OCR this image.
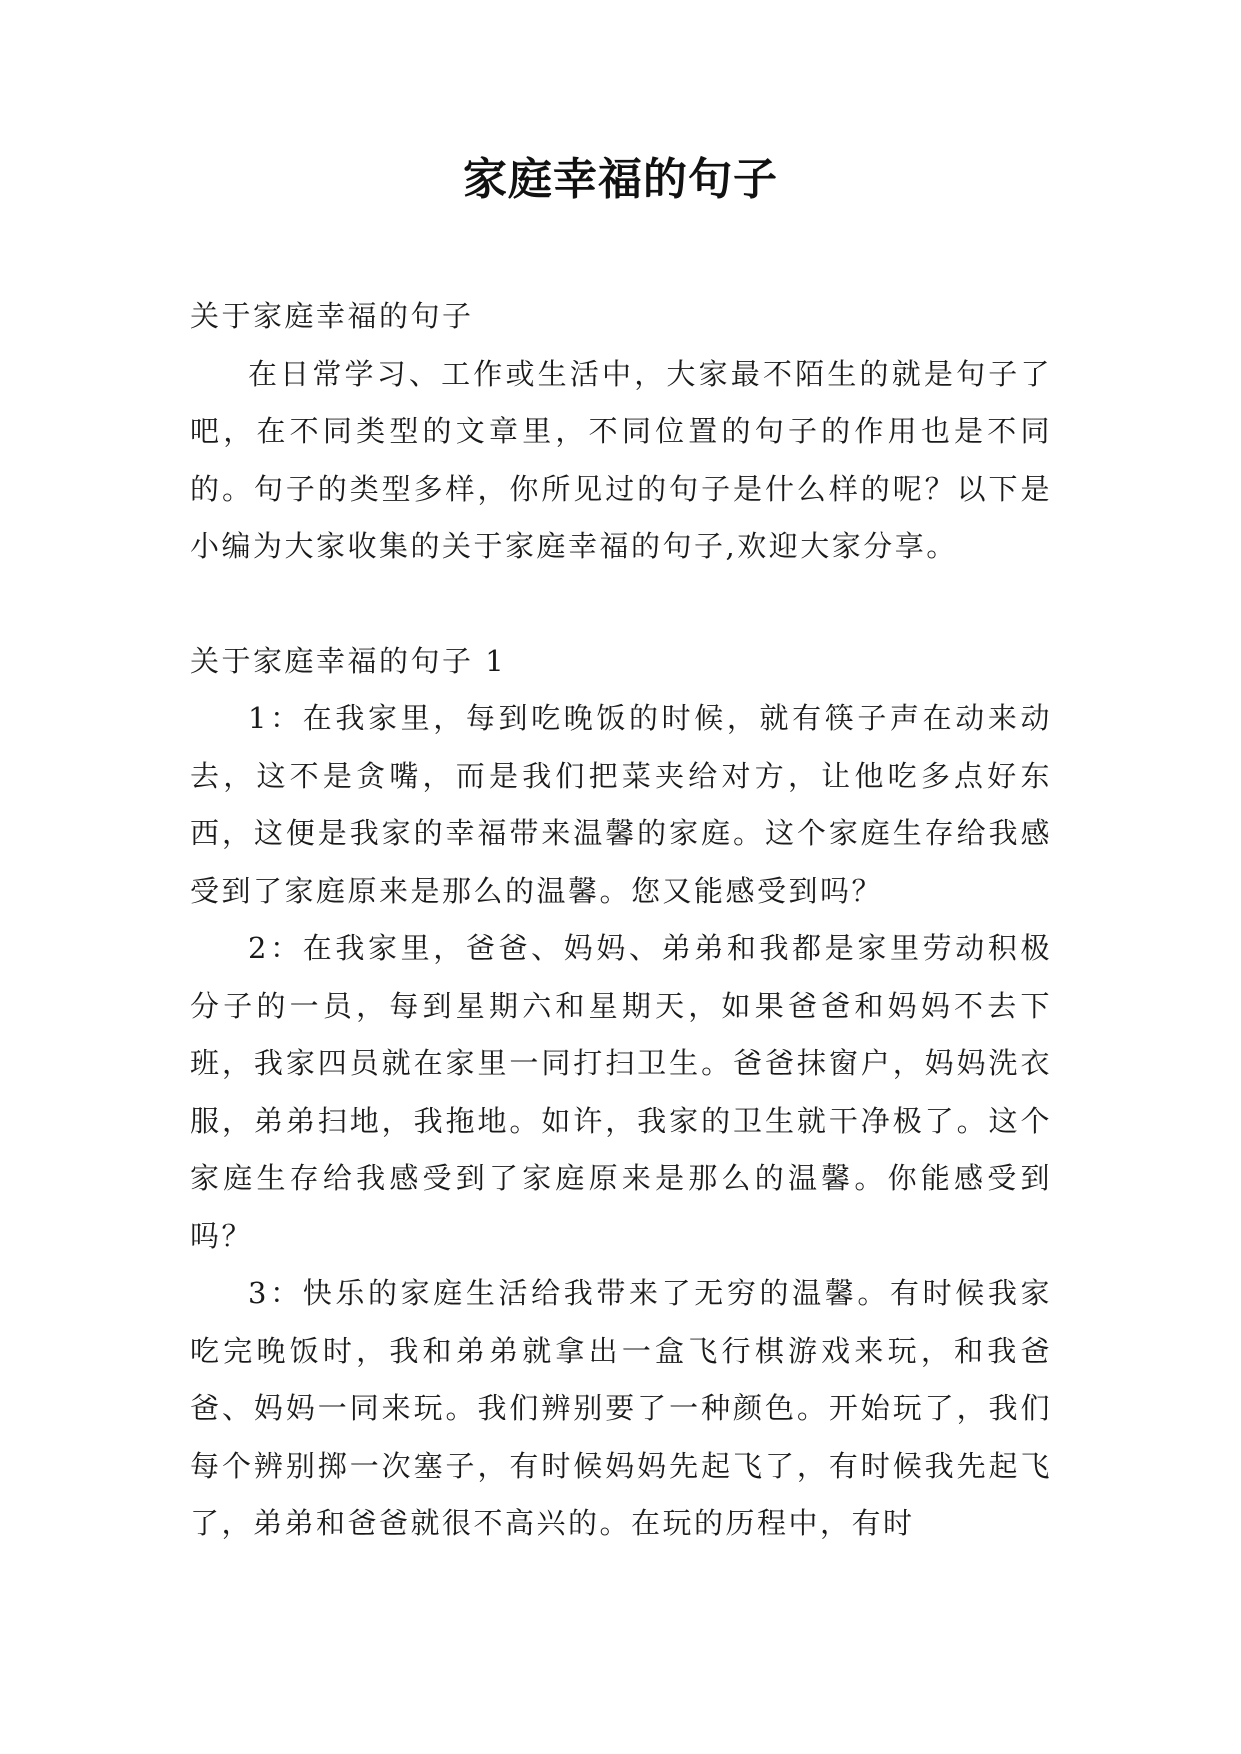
家庭幸福的句子

关于家庭幸福的句子

在日常学习、工作或生活中，大家最不陌生的就是句子了吧，在不同类型的文章里，不同位置的句子的作用也是不同的。句子的类型多样，你所见过的句子是什么样的呢？以下是小编为大家收集的关于家庭幸福的句子,欢迎大家分享。

关于家庭幸福的句子 1

1：在我家里，每到吃晚饭的时候，就有筷子声在动来动去，这不是贪嘴，而是我们把菜夹给对方，让他吃多点好东西，这便是我家的幸福带来温馨的家庭。这个家庭生存给我感受到了家庭原来是那么的温馨。您又能感受到吗？

2：在我家里，爸爸、妈妈、弟弟和我都是家里劳动积极分子的一员，每到星期六和星期天，如果爸爸和妈妈不去下班，我家四员就在家里一同打扫卫生。爸爸抹窗户，妈妈洗衣服，弟弟扫地，我拖地。如许，我家的卫生就干净极了。这个家庭生存给我感受到了家庭原来是那么的温馨。你能感受到吗？

3：快乐的家庭生活给我带来了无穷的温馨。有时候我家吃完晚饭时，我和弟弟就拿出一盒飞行棋游戏来玩，和我爸爸、妈妈一同来玩。我们辨别要了一种颜色。开始玩了，我们每个辨别掷一次塞子，有时候妈妈先起飞了，有时候我先起飞了，弟弟和爸爸就很不高兴的。在玩的历程中，有时
